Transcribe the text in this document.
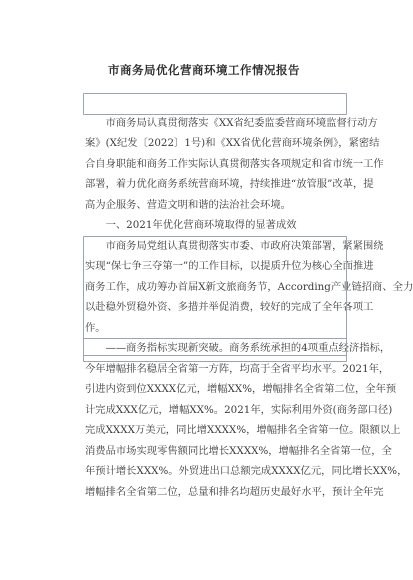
市商务局优化营商环境工作情况报告
　　市商务局认真贯彻落实《XX省纪委监委营商环境监督行动方
案》(X纪发〔2022〕1号)和《XX省优化营商环境条例》，紧密结
合自身职能和商务工作实际认真贯彻落实各项规定和省市统一工作
部署，着力优化商务系统营商环境，持续推进“放管服”改革，提
高为企服务、营造文明和谐的法治社会环境。
　　一、2021年优化营商环境取得的显著成效
　　市商务局党组认真贯彻落实市委、市政府决策部署，紧紧围绕
实现“保七争三夺第一”的工作目标，以提质升位为核心全面推进
商务工作，成功筹办首届X新文旅商务节，According产业链招商、全力
以赴稳外贸稳外资、多措并举促消费，较好的完成了全年各项工
作。
　　——商务指标实现新突破。商务系统承担的4项重点经济指标，
今年增幅排名稳居全省第一方阵，均高于全省平均水平。2021年，
引进内资到位XXXX亿元，增幅XX%，增幅排名全省第二位，全年预
计完成XXX亿元，增幅XX%。2021年，实际利用外资(商务部口径)
完成XXXX万美元，同比增XXXX%，增幅排名全省第一位。限额以上
消费品市场实现零售额同比增长XXXX%，增幅排名全省第一位，全
年预计增长XXX%。外贸进出口总额完成XXXX亿元，同比增长XX%，
增幅排名全省第二位，总量和排名均超历史最好水平，预计全年完
